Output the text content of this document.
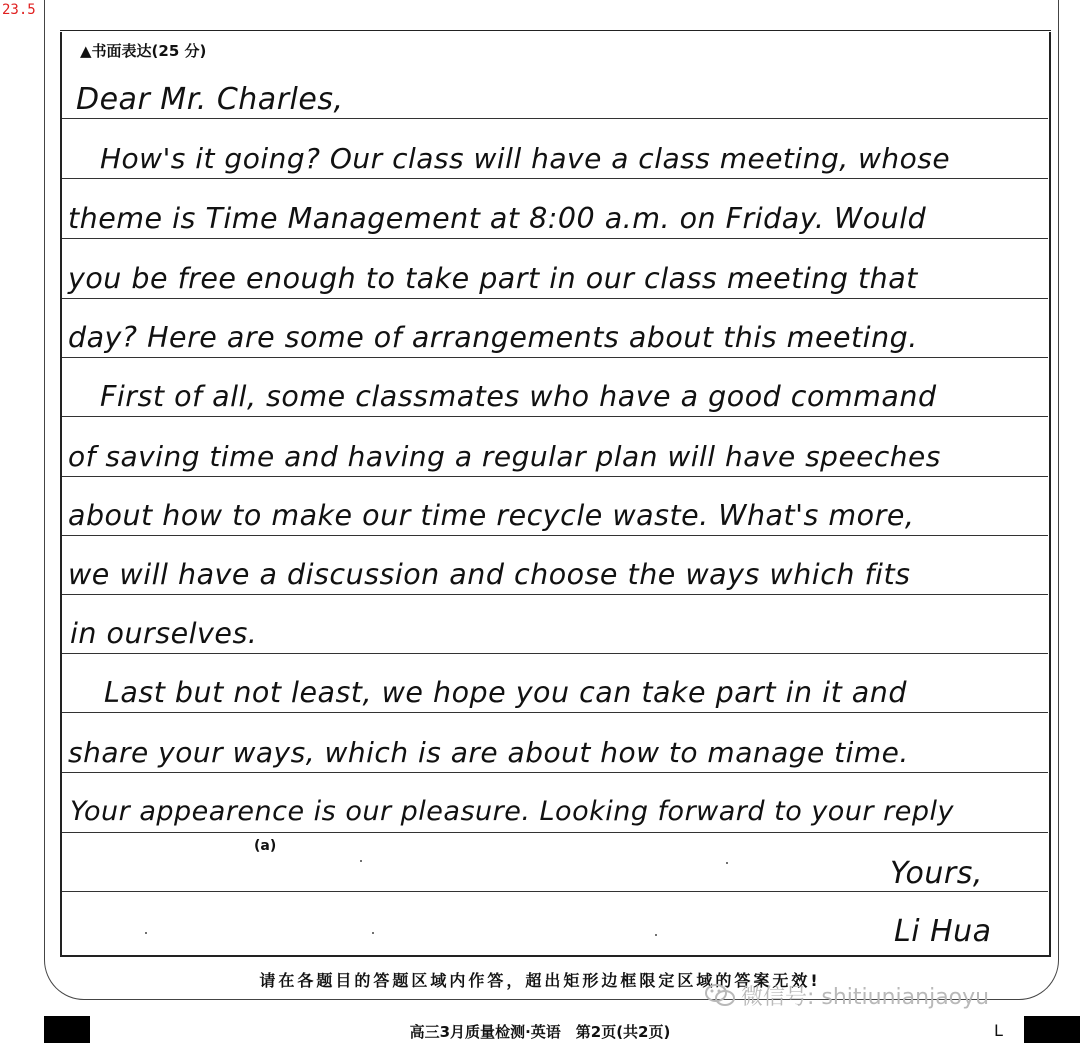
23.5
▲书面表达(25 分)
Dear Mr. Charles,
How's it going? Our class will have a class meeting, whose
theme is Time Management at 8:00 a.m. on Friday. Would
you be free enough to take part in our class meeting that
day? Here are some of arrangements about this meeting.
First of all, some classmates who have a good command
of saving time and having a regular plan will have speeches
about how to make our time recycle waste. What's more,
we will have a discussion and choose the ways which fits
in ourselves.
Last but not least, we hope you can take part in it and
share your ways, which is are about how to manage time.
Your appearence is our pleasure. Looking forward to your reply
(a)
Yours,
Li Hua
请在各题目的答题区域内作答，超出矩形边框限定区域的答案无效!
微信号: shitiunianjaoyu
高三3月质量检测·英语　第2页(共2页)	L
